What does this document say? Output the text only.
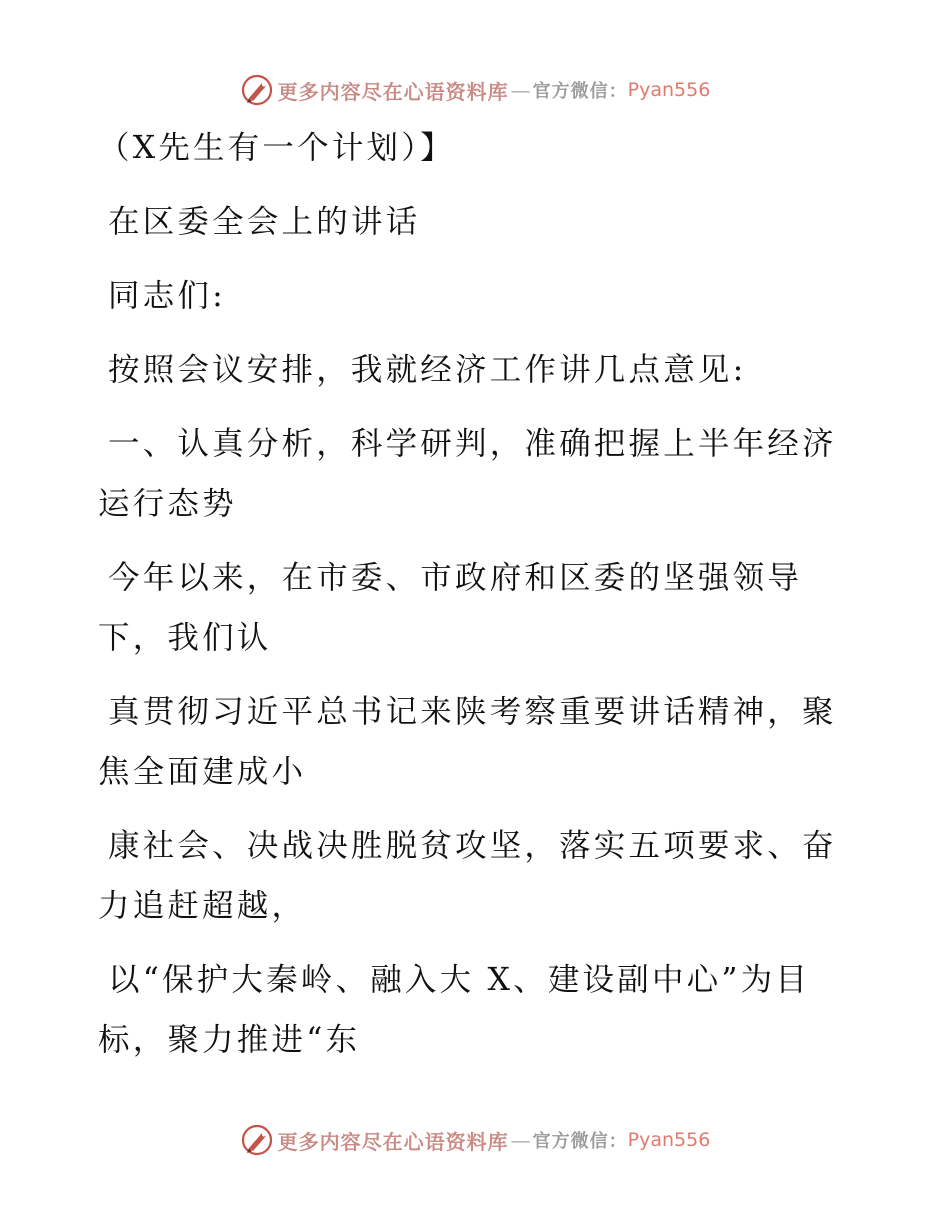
更多内容尽在心语资料库 — 官方微信： Pyan556

（X先生有一个计划）】

在区委全会上的讲话

同志们:

按照会议安排，我就经济工作讲几点意见:

一、认真分析，科学研判，准确把握上半年经济运行态势

今年以来，在市委、市政府和区委的坚强领导下，我们认

真贯彻习近平总书记来陕考察重要讲话精神，聚焦全面建成小

康社会、决战决胜脱贫攻坚，落实五项要求、奋力追赶超越，

以“保护大秦岭、融入大 X、建设副中心”为目标，聚力推进“东

更多内容尽在心语资料库 — 官方微信： Pyan556
